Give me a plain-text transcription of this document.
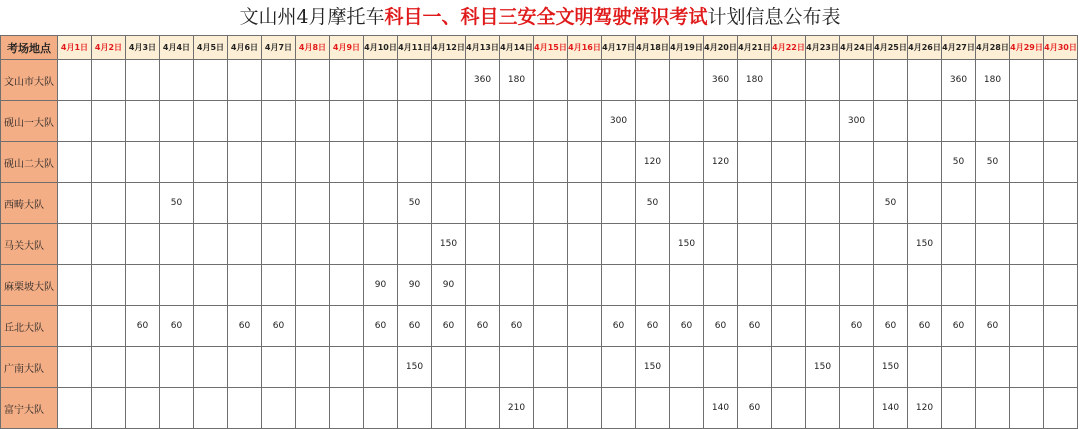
文山州4月摩托车科目一、科目三安全文明驾驶常识考试计划信息公布表
考场地点	4月1日	4月2日	4月3日	4月4日	4月5日	4月6日	4月7日	4月8日	4月9日	4月10日	4月11日	4月12日	4月13日	4月14日	4月15日	4月16日	4月17日	4月18日	4月19日	4月20日	4月21日	4月22日	4月23日	4月24日	4月25日	4月26日	4月27日	4月28日	4月29日	4月30日
文山市大队													360	180						360	180						360	180		
砚山一大队																	300							300						
砚山二大队																		120		120							50	50		
西畴大队				50							50							50							50					
马关大队												150							150							150				
麻栗坡大队										90	90	90																		
丘北大队			60	60		60	60			60	60	60	60	60			60	60	60	60	60			60	60	60	60	60		
广南大队											150							150					150		150					
富宁大队														210						140	60				140	120				
